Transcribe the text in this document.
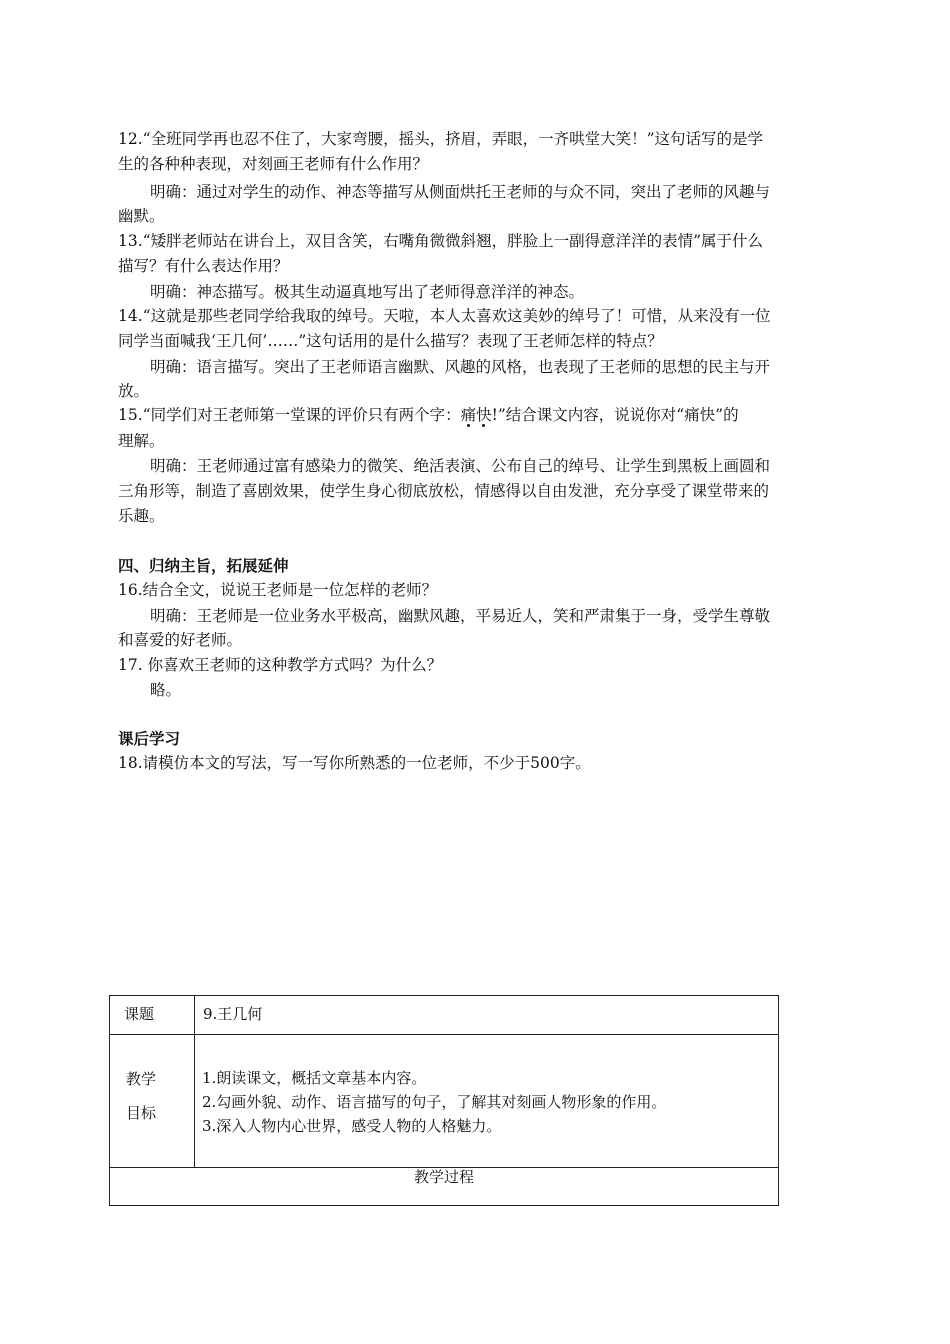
12.“全班同学再也忍不住了，大家弯腰，摇头，挤眉，弄眼，一齐哄堂大笑！”这句话写的是学
生的各种种表现，对刻画王老师有什么作用？
明确：通过对学生的动作、神态等描写从侧面烘托王老师的与众不同，突出了老师的风趣与
幽默。
13.“矮胖老师站在讲台上，双目含笑，右嘴角微微斜翘，胖脸上一副得意洋洋的表情”属于什么
描写？有什么表达作用？
明确：神态描写。极其生动逼真地写出了老师得意洋洋的神态。
14.“这就是那些老同学给我取的绰号。天啦，本人太喜欢这美妙的绰号了！可惜，从来没有一位
同学当面喊我‘王几何’……”这句话用的是什么描写？表现了王老师怎样的特点？
明确：语言描写。突出了王老师语言幽默、风趣的风格，也表现了王老师的思想的民主与开
放。
15.“同学们对王老师第一堂课的评价只有两个字：痛快!”结合课文内容，说说你对“痛快”的
理解。
明确：王老师通过富有感染力的微笑、绝活表演、公布自己的绰号、让学生到黑板上画圆和
三角形等，制造了喜剧效果，使学生身心彻底放松，情感得以自由发泄，充分享受了课堂带来的
乐趣。
四、归纳主旨，拓展延伸
16.结合全文，说说王老师是一位怎样的老师？
明确：王老师是一位业务水平极高，幽默风趣，平易近人，笑和严肃集于一身，受学生尊敬
和喜爱的好老师。
17. 你喜欢王老师的这种教学方式吗？为什么？
略。
课后学习
18.请模仿本文的写法，写一写你所熟悉的一位老师，不少于500字。
课题	9.王几何
教学
目标
1.朗读课文，概括文章基本内容。
2.勾画外貌、动作、语言描写的句子，了解其对刻画人物形象的作用。
3.深入人物内心世界，感受人物的人格魅力。
教学过程
